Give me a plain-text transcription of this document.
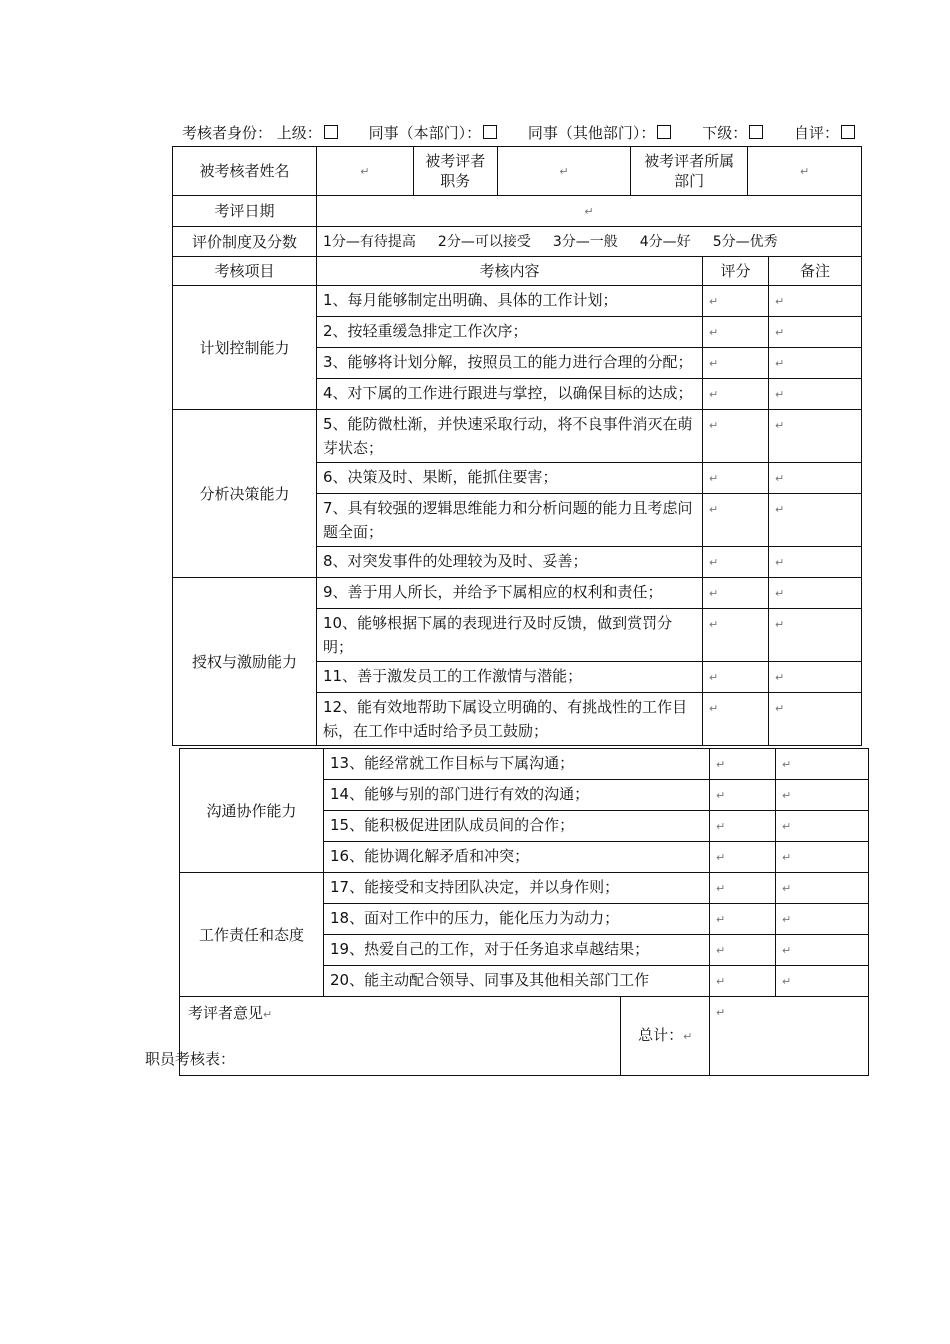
考核者身份： 上级：	同事（本部门）：	同事（其他部门）：	下级：	自评：
被考核者姓名		↵	被考评者职务	↵	被考评者所属部门	↵

考评日期	↵
评价制度及分数	1分—有待提高 2分—可以接受 3分—一般 4分—好 5分—优秀
考核项目	考核内容	评分	备注
计划控制能力	1、每月能够制定出明确、具体的工作计划；	↵	↵
2、按轻重缓急排定工作次序；	↵	↵
3、能够将计划分解，按照员工的能力进行合理的分配；	↵	↵
4、对下属的工作进行跟进与掌控，以确保目标的达成；	↵	↵
分析决策能力	5、能防微杜渐，并快速采取行动，将不良事件消灭在萌芽状态；	↵	↵
6、决策及时、果断，能抓住要害；	↵	↵
7、具有较强的逻辑思维能力和分析问题的能力且考虑问题全面；	↵	↵
8、对突发事件的处理较为及时、妥善；	↵	↵
授权与激励能力	9、善于用人所长，并给予下属相应的权利和责任；	↵	↵
10、能够根据下属的表现进行及时反馈，做到赏罚分明；	↵	↵
11、善于激发员工的工作激情与潜能；	↵	↵
12、能有效地帮助下属设立明确的、有挑战性的工作目标，在工作中适时给予员工鼓励；	↵	↵
沟通协作能力	13、能经常就工作目标与下属沟通；	↵	↵
14、能够与别的部门进行有效的沟通；	↵	↵
15、能积极促进团队成员间的合作；	↵	↵
16、能协调化解矛盾和冲突；	↵	↵
工作责任和态度	17、能接受和支持团队决定，并以身作则；	↵	↵
18、面对工作中的压力，能化压力为动力；	↵	↵
19、热爱自己的工作，对于任务追求卓越结果；	↵	↵
20、能主动配合领导、同事及其他相关部门工作	↵	↵

考评者意见↵	总计：↵
	↵
职员考核表：
